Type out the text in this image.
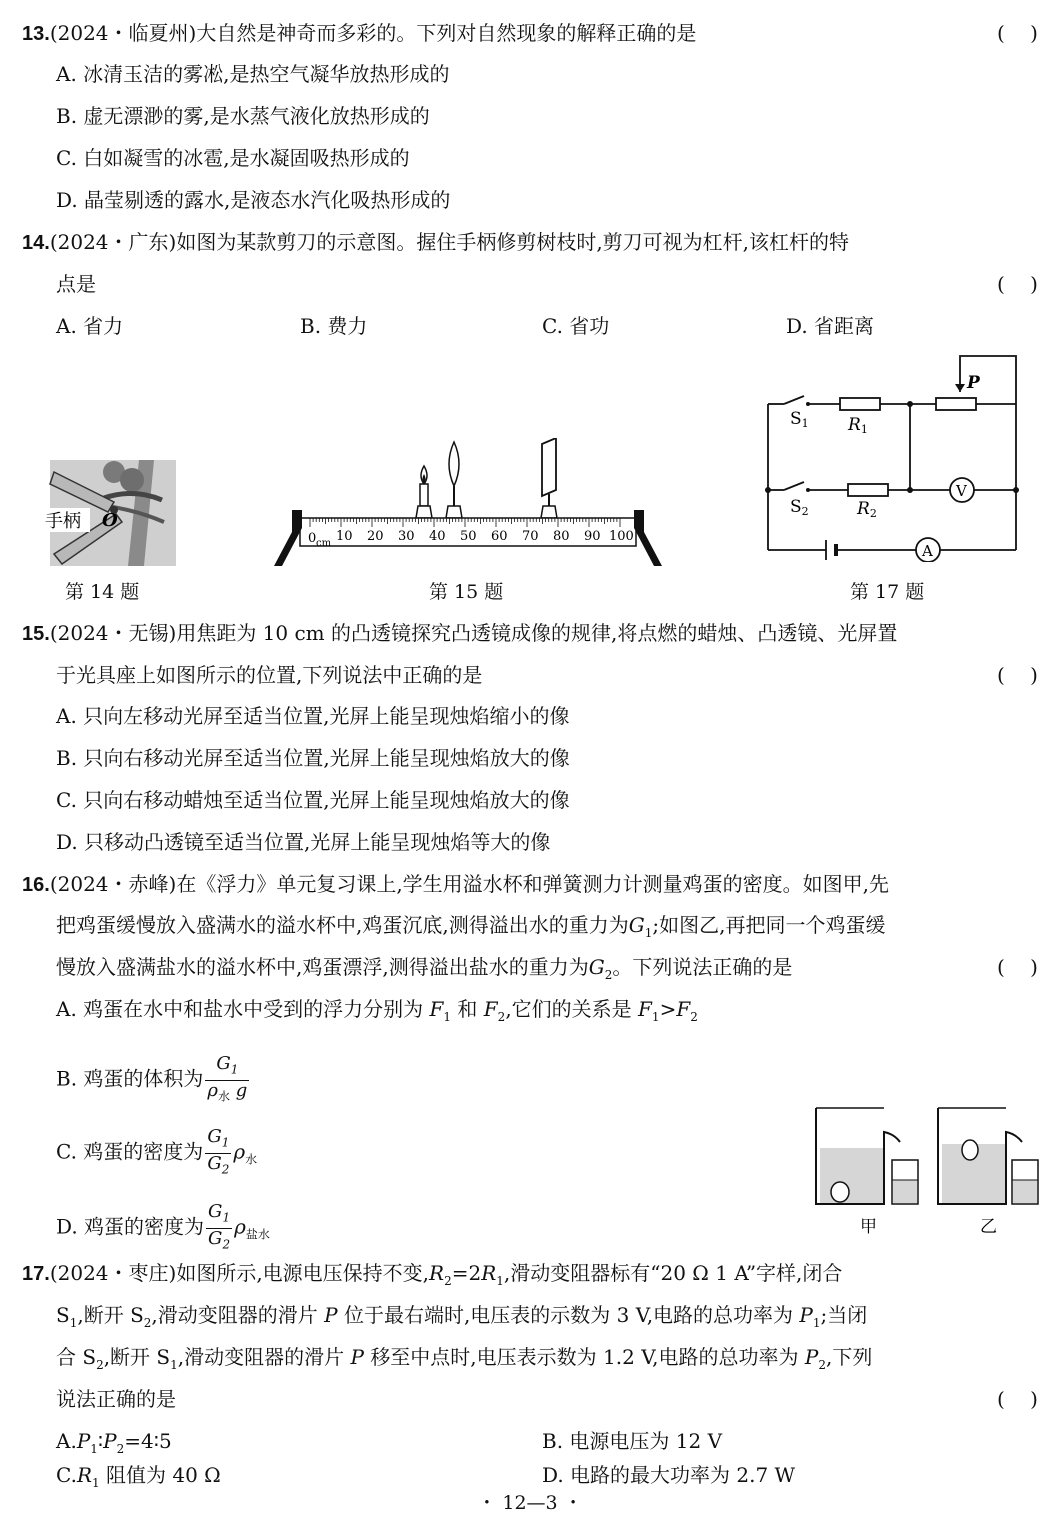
13.(2024・临夏州)大自然是神奇而多彩的。下列对自然现象的解释正确的是	(    )
A. 冰清玉洁的雾凇,是热空气凝华放热形成的
B. 虚无漂渺的雾,是水蒸气液化放热形成的
C. 白如凝雪的冰雹,是水凝固吸热形成的
D. 晶莹剔透的露水,是液态水汽化吸热形成的
14.(2024・广东)如图为某款剪刀的示意图。握住手柄修剪树枝时,剪刀可视为杠杆,该杠杆的特
点是	(    )
A. 省力	B. 费力	C. 省功	D. 省距离
手柄 O
第 14 题
0 cm 10 20 30 40 50 60 70 80 90 100
第 15 题
S1
S2
R1
R2
P
V
A
第 17 题
15.(2024・无锡)用焦距为 10 cm 的凸透镜探究凸透镜成像的规律,将点燃的蜡烛、凸透镜、光屏置
于光具座上如图所示的位置,下列说法中正确的是	(    )
A. 只向左移动光屏至适当位置,光屏上能呈现烛焰缩小的像
B. 只向右移动光屏至适当位置,光屏上能呈现烛焰放大的像
C. 只向右移动蜡烛至适当位置,光屏上能呈现烛焰放大的像
D. 只移动凸透镜至适当位置,光屏上能呈现烛焰等大的像
16.(2024・赤峰)在《浮力》单元复习课上,学生用溢水杯和弹簧测力计测量鸡蛋的密度。如图甲,先
把鸡蛋缓慢放入盛满水的溢水杯中,鸡蛋沉底,测得溢出水的重力为$G_1$;如图乙,再把同一个鸡蛋缓
慢放入盛满盐水的溢水杯中,鸡蛋漂浮,测得溢出盐水的重力为$G_2$。下列说法正确的是	(    )
A. 鸡蛋在水中和盐水中受到的浮力分别为 $F_1$ 和 $F_2$,它们的关系是 $F_1>F_2$
B. 鸡蛋的体积为 $\frac{G_1}{\rho_水 g}$
C. 鸡蛋的密度为 $\frac{G_1}{G_2} \rho_水$
D. 鸡蛋的密度为 $\frac{G_1}{G_2} \rho_{盐水}$	甲	乙
17.(2024・枣庄)如图所示,电源电压保持不变$,R_2=2R_1$,滑动变阻器标有“20 Ω 1 A”字样,闭合
$S_1$,断开 $S_2$,滑动变阻器的滑片 P 位于最右端时,电压表的示数为 3 V,电路的总功率为 $P_1$;当闭
合 $S_2$,断开 $S_1$,滑动变阻器的滑片 P 移至中点时,电压表示数为 1.2 V,电路的总功率为 $P_2$,下列
说法正确的是	(    )
$A.P_1∶P_2=4∶5$	B. 电源电压为 12 V
$C.R_1$ 阻值为 40 Ω	D. 电路的最大功率为 2.7 W
・ 12—3 ・
